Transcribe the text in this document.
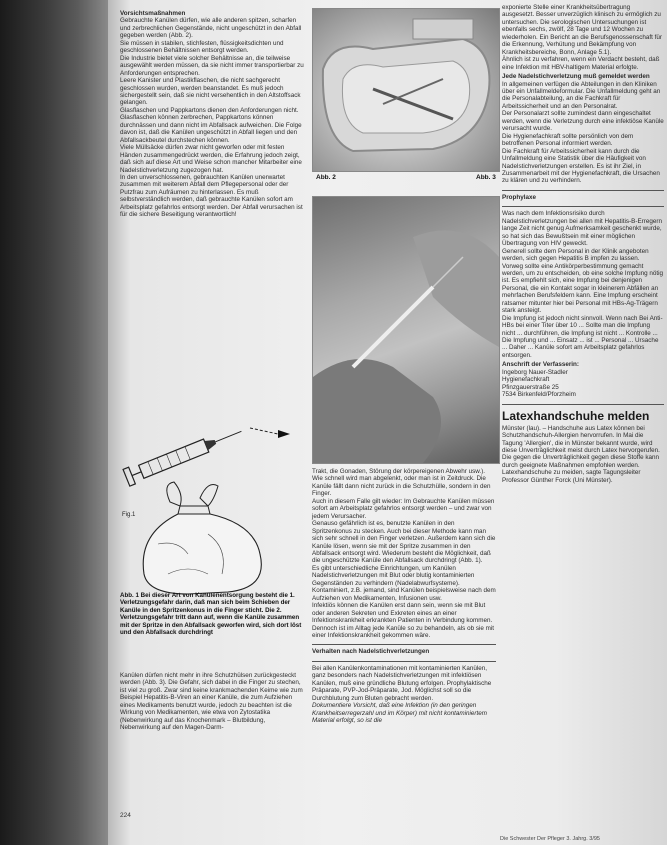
Vorsichtsmaßnahmen

Gebrauchte Kanülen dürfen, wie alle anderen spitzen, scharfen und zerbrechlichen Gegenstände, nicht ungeschützt in den Abfall gegeben werden (Abb. 2).

Sie müssen in stabilen, stichfesten, flüssigkeitsdichten und geschlossenen Behältnissen entsorgt werden.

Die Industrie bietet viele solcher Behältnisse an, die teilweise ausgewählt werden müssen, da sie nicht immer transportierbar zu Anforderungen entsprechen.

Leere Kanister und Plastikflaschen, die nicht sachgerecht geschlossen wurden, werden beanstandet. Es muß jedoch sichergestellt sein, daß sie nicht versehentlich in den Altstoffsack gelangen.

Glasflaschen und Pappkartons dienen den Anforderungen nicht. Glasflaschen können zerbrechen, Pappkartons können durchnässen und dann nicht im Abfallsack aufweichen. Die Folge davon ist, daß die Kanülen ungeschützt in Abfall liegen und den Abfallsackbeutel durchstechen können.

Viele Müllsäcke dürfen zwar nicht geworfen oder mit festen Händen zusammengedrückt werden, die Erfahrung jedoch zeigt, daß sich auf diese Art und Weise schon mancher Mitarbeiter eine Nadelstichverletzung zugezogen hat.

In den unverschlossenen, gebrauchten Kanülen unerwartet zusammen mit weiterem Abfall dem Pflegepersonal oder der Putzfrau zum Aufräumen zu hinterlassen. Es muß selbstverständlich werden, daß gebrauchte Kanülen sofort am Arbeitsplatz gefahrlos entsorgt werden. Der Abfall verursachen ist für die sichere Beseitigung verantwortlich!

Fig.1
Abb. 1 Bei dieser Art von Kanülenentsorgung besteht die 1. Verletzungsgefahr darin, daß man sich beim Schieben der Kanüle in den Spritzenkonus in die Finger sticht. Die 2. Verletzungsgefahr tritt dann auf, wenn die Kanüle zusammen mit der Spritze in den Abfallsack geworfen wird, sich dort löst und den Abfallsack durchdringt

Kanülen dürfen nicht mehr in ihre Schutzhülsen zurückgesteckt werden (Abb. 3). Die Gefahr, sich dabei in die Finger zu stechen, ist viel zu groß. Zwar sind keine krankmachenden Keime wie zum Beispiel Hepatitis-B-Viren an einer Kanüle, die zum Aufziehen eines Medikaments benutzt wurde, jedoch zu beachten ist die Wirkung von Medikamenten, wie etwa von Zytostatika (Nebenwirkung auf das Knochenmark – Blutbildung, Nebenwirkung auf den Magen-Darm-

Abb. 2	Abb. 3

Trakt, die Gonaden, Störung der körpereigenen Abwehr usw.).

Wie schnell wird man abgelenkt, oder man ist in Zeitdruck. Die Kanüle fällt dann nicht zurück in die Schutzhülle, sondern in den Finger.

Auch in diesem Falle gilt wieder: Im Gebrauchte Kanülen müssen sofort am Arbeitsplatz gefahrlos entsorgt werden – und zwar von jedem Verursacher.

Genauso gefährlich ist es, benutzte Kanülen in den Spritzenkonus zu stecken. Auch bei dieser Methode kann man sich sehr schnell in den Finger verletzen. Außerdem kann sich die Kanüle lösen, wenn sie mit der Spritze zusammen in den Abfallsack entsorgt wird. Wiederum besteht die Möglichkeit, daß die ungeschützte Kanüle den Abfallsack durchdringt (Abb. 1).

Es gibt unterschiedliche Einrichtungen, um Kanülen Nadelstichverletzungen mit Blut oder blutig kontaminierten Gegenständen zu verhindern (Nadelabwurfsysteme).

Kontaminiert, z.B. jemand, sind Kanülen beispielsweise nach dem Aufziehen von Medikamenten, Infusionen usw.

Infektiös können die Kanülen erst dann sein, wenn sie mit Blut oder anderen Sekreten und Exkreten eines an einer Infektionskrankheit erkrankten Patienten in Verbindung kommen. Dennoch ist im Alltag jede Kanüle so zu behandeln, als ob sie mit einer Infektionskrankheit gekommen wäre.

Verhalten nach Nadelstichverletzungen

Bei allen Kanülenkontaminationen mit kontaminierten Kanülen, ganz besonders nach Nadelstichverletzungen mit infektiösen Kanülen, muß eine gründliche Blutung erfolgen. Prophylaktische Präparate, PVP-Jod-Präparate, Jod. Möglichst soll so die Durchblutung zum Bluten gebracht werden.

Dokumentiere Vorsicht, daß eine Infektion (in den geringen Krankheitserregerzahl und im Körper) mit nicht kontaminiertem Material erfolgt, so ist die

exponierte Stelle einer Krankheitsübertragung ausgesetzt. Besser unverzüglich klinisch zu ermöglich zu untersuchen. Die serologischen Untersuchungen ist ebenfalls sechs, zwölf, 28 Tage und 12 Wochen zu wiederholen. Ein Bericht an die Berufsgenossenschaft für die Erkennung, Verhütung und Bekämpfung von Krankheitsbereiche, Bonn, Anlage 5.1).

Ähnlich ist zu verfahren, wenn ein Verdacht besteht, daß eine Infektion mit HBV-haltigem Material erfolgte.

Jede Nadelstichverletzung muß gemeldet werden

In allgemeinen verfügen die Abteilungen in den Kliniken über ein Unfallmeldeformular. Die Unfallmeldung geht an die Personalabteilung, an die Fachkraft für Arbeitssicherheit und an den Personalrat.

Der Personalarzt sollte zumindest dann eingeschaltet werden, wenn die Verletzung durch eine infektiöse Kanüle verursacht wurde.

Die Hygienefachkraft sollte persönlich von dem betroffenen Personal informiert werden.

Die Fachkraft für Arbeitssicherheit kann durch die Unfallmeldung eine Statistik über die Häufigkeit von Nadelstichverletzungen erstellen. Es ist ihr Ziel, in Zusammenarbeit mit der Hygienefachkraft, die Ursachen zu klären und zu verhindern.

Prophylaxe

Was nach dem Infektionsrisiko durch Nadelstichverletzungen bei allen mit Hepatitis-B-Erregern lange Zeit nicht genug Aufmerksamkeit geschenkt wurde, so hat sich das Bewußtsein mit einer möglichen Übertragung von HIV geweckt.

Generell sollte dem Personal in der Klinik angeboten werden, sich gegen Hepatitis B impfen zu lassen.

Vorweg sollte eine Antikörperbestimmung gemacht werden, um zu entscheiden, ob eine solche Impfung nötig ist. Es empfiehlt sich, eine Impfung bei denjenigen Personal, die ein Kontakt sogar in kleinerem Abfällen an mehrfachen Berufsfeldern kann. Eine Impfung erscheint ratsamer mitunter hier bei Personal mit HBs-Ag-Trägern stark ansteigt.

Die Impfung ist jedoch nicht sinnvoll. Wenn nach Bei Anti-HBs bei einer Titer über 10 ... Sollte man die Impfung nicht ... durchführen, die Impfung ist nicht ... Kontrolle ... Die Impfung und ... Einsatz ... ist ... Personal ... Ursache ... Daher ... Kanüle sofort am Arbeitsplatz gefahrlos entsorgen.

Anschrift der Verfasserin:

Ingeborg Nauer-Stadler

Hygienefachkraft

Pfinzgauerstraße 25

7534 Birkenfeld/Pforzheim

Latexhandschuhe melden

Münster (lau). – Handschuhe aus Latex können bei Schutzhandschuh-Allergien hervorrufen. In Mai die Tagung 'Allergien', die in Münster bekannt wurde, wird diese Unverträglichkeit meist durch Latex hervorgerufen. Die gegen die Unverträglichkeit gegen diese Stoffe kann durch geeignete Maßnahmen empfohlen werden. Latexhandschuhe zu meiden, sagte Tagungsleiter Professor Günther Forck (Uni Münster).

224
Die Schwester Der Pfleger 3. Jahrg. 3/95
